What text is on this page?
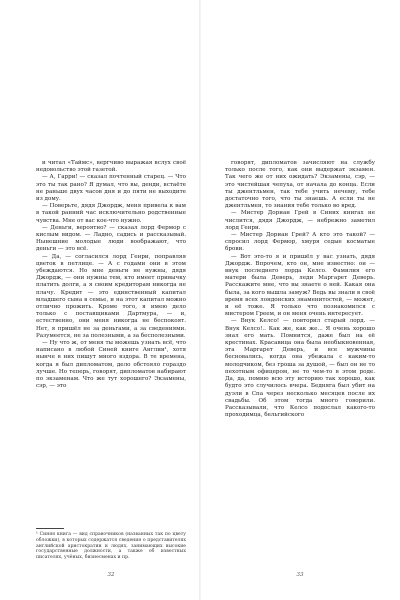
и читал «Таймс», вергчиво выражая вслух своё недовольство этой газетой.

— А, Гарри! — сказал почтенный старец. — Что это ты так рано? Я думал, что вы, денди, встаёте не раньше двух часов дня и до пяти не выходите из дому.

— Поверьте, дядя Джордж, меня привела к вам в такой ранний час исключительно родственные чувства. Мне от вас кое-что нужно.

— Деньги, вероятно? — сказал лорд Фермор с кислым видом. — Ладно, садись и рассказывай. Нынешние молодые люди воображают, что деньги — это всё.

— Да, — согласился лорд Генри, поправляя цветок в петлице. — А с годами они в этом убеждаются. Но мне деньги не нужны, дядя Джордж, — они нужны тем, кто имеет привычку платить долги, а я своим кредиторам никогда не плачу. Кредит — это единственный капитал младшего сына в семье, и на этот капитал можно отлично прожить. Кроме того, я имею дело только с поставщиками Дартмура, — и, естественно, они меня никогда не беспокоят. Нет, я пришёл не за деньгами, а за сведениями. Разумеется, не за полезными, а за бесполезными.

— Ну что ж, от меня ты можешь узнать всё, что написано в любой Синей книге Англии¹, хотя нынче в них пишут много вздора. В те времена, когда я был дипломатом, дело обстояло гораздо лучше. Но теперь, говорят, дипломатов набирают по экзаменам. Что же тут хорошего? Экзамены, сэр, — это

¹ Синяя книга — вид справочников (названных так по цвету обложки), в которых содержатся сведения о представителях английской аристократии и людях, занимающих высокие государственные должности, а также об известных писателях, учёных, бизнесменах и пр.
32

говорят, дипломатов зачисляют на службу только после того, как они выдержат экзамен. Так чего же от них ожидать? Экзамены, сэр, — это чистейшая чепуха, от начала до конца. Если ты джентльмен, так тебе учить нечему, тебе достаточно того, что ты знаешь. А если ты не джентльмен, то знания тебе только во вред.

— Мистер Дориан Грей в Синих книгах не числится, дядя Джордж, — небрежно заметил лорд Генри.

— Мистер Дориан Грей? А кто это такой? — спросил лорд Фермор, хмуря седые косматые брови.

— Вот это-то я и пришёл у вас узнать, дядя Джордж. Впрочем, кто он, мне известно: он — внук последнего лорда Келсо. Фамилия его матери была Деверь, леди Маргарет Деверь. Расскажите мне, что вы знаете о ней. Какая она была, за кого вышла замуж? Ведь вы знали в своё время всех лондонских знаменитостей, — может, и её тоже. Я только что познакомился с мистером Греем, и он меня очень интересует.

— Внук Келсо! — повторил старый лорд. — Внук Келсо!.. Как же, как же... Я очень хорошо знал его мать. Помнится, даже был на её крестинах. Красавица она была необыкновенная, эта Маргарет Деверь, и все мужчины бесновались, когда она убежала с каким-то молодчиком, без гроша за душой, — был он не то пехотным офицером, не то чем-то в этом роде. Да, да, помню всю эту историю так хорошо, как будто это случилось вчера. Бедняга был убит на дуэли в Спа через несколько месяцев после их свадьбы. Об этом тогда много говорили. Рассказывали, что Келсо подослал какого-то проходимца, бельгийского

33
